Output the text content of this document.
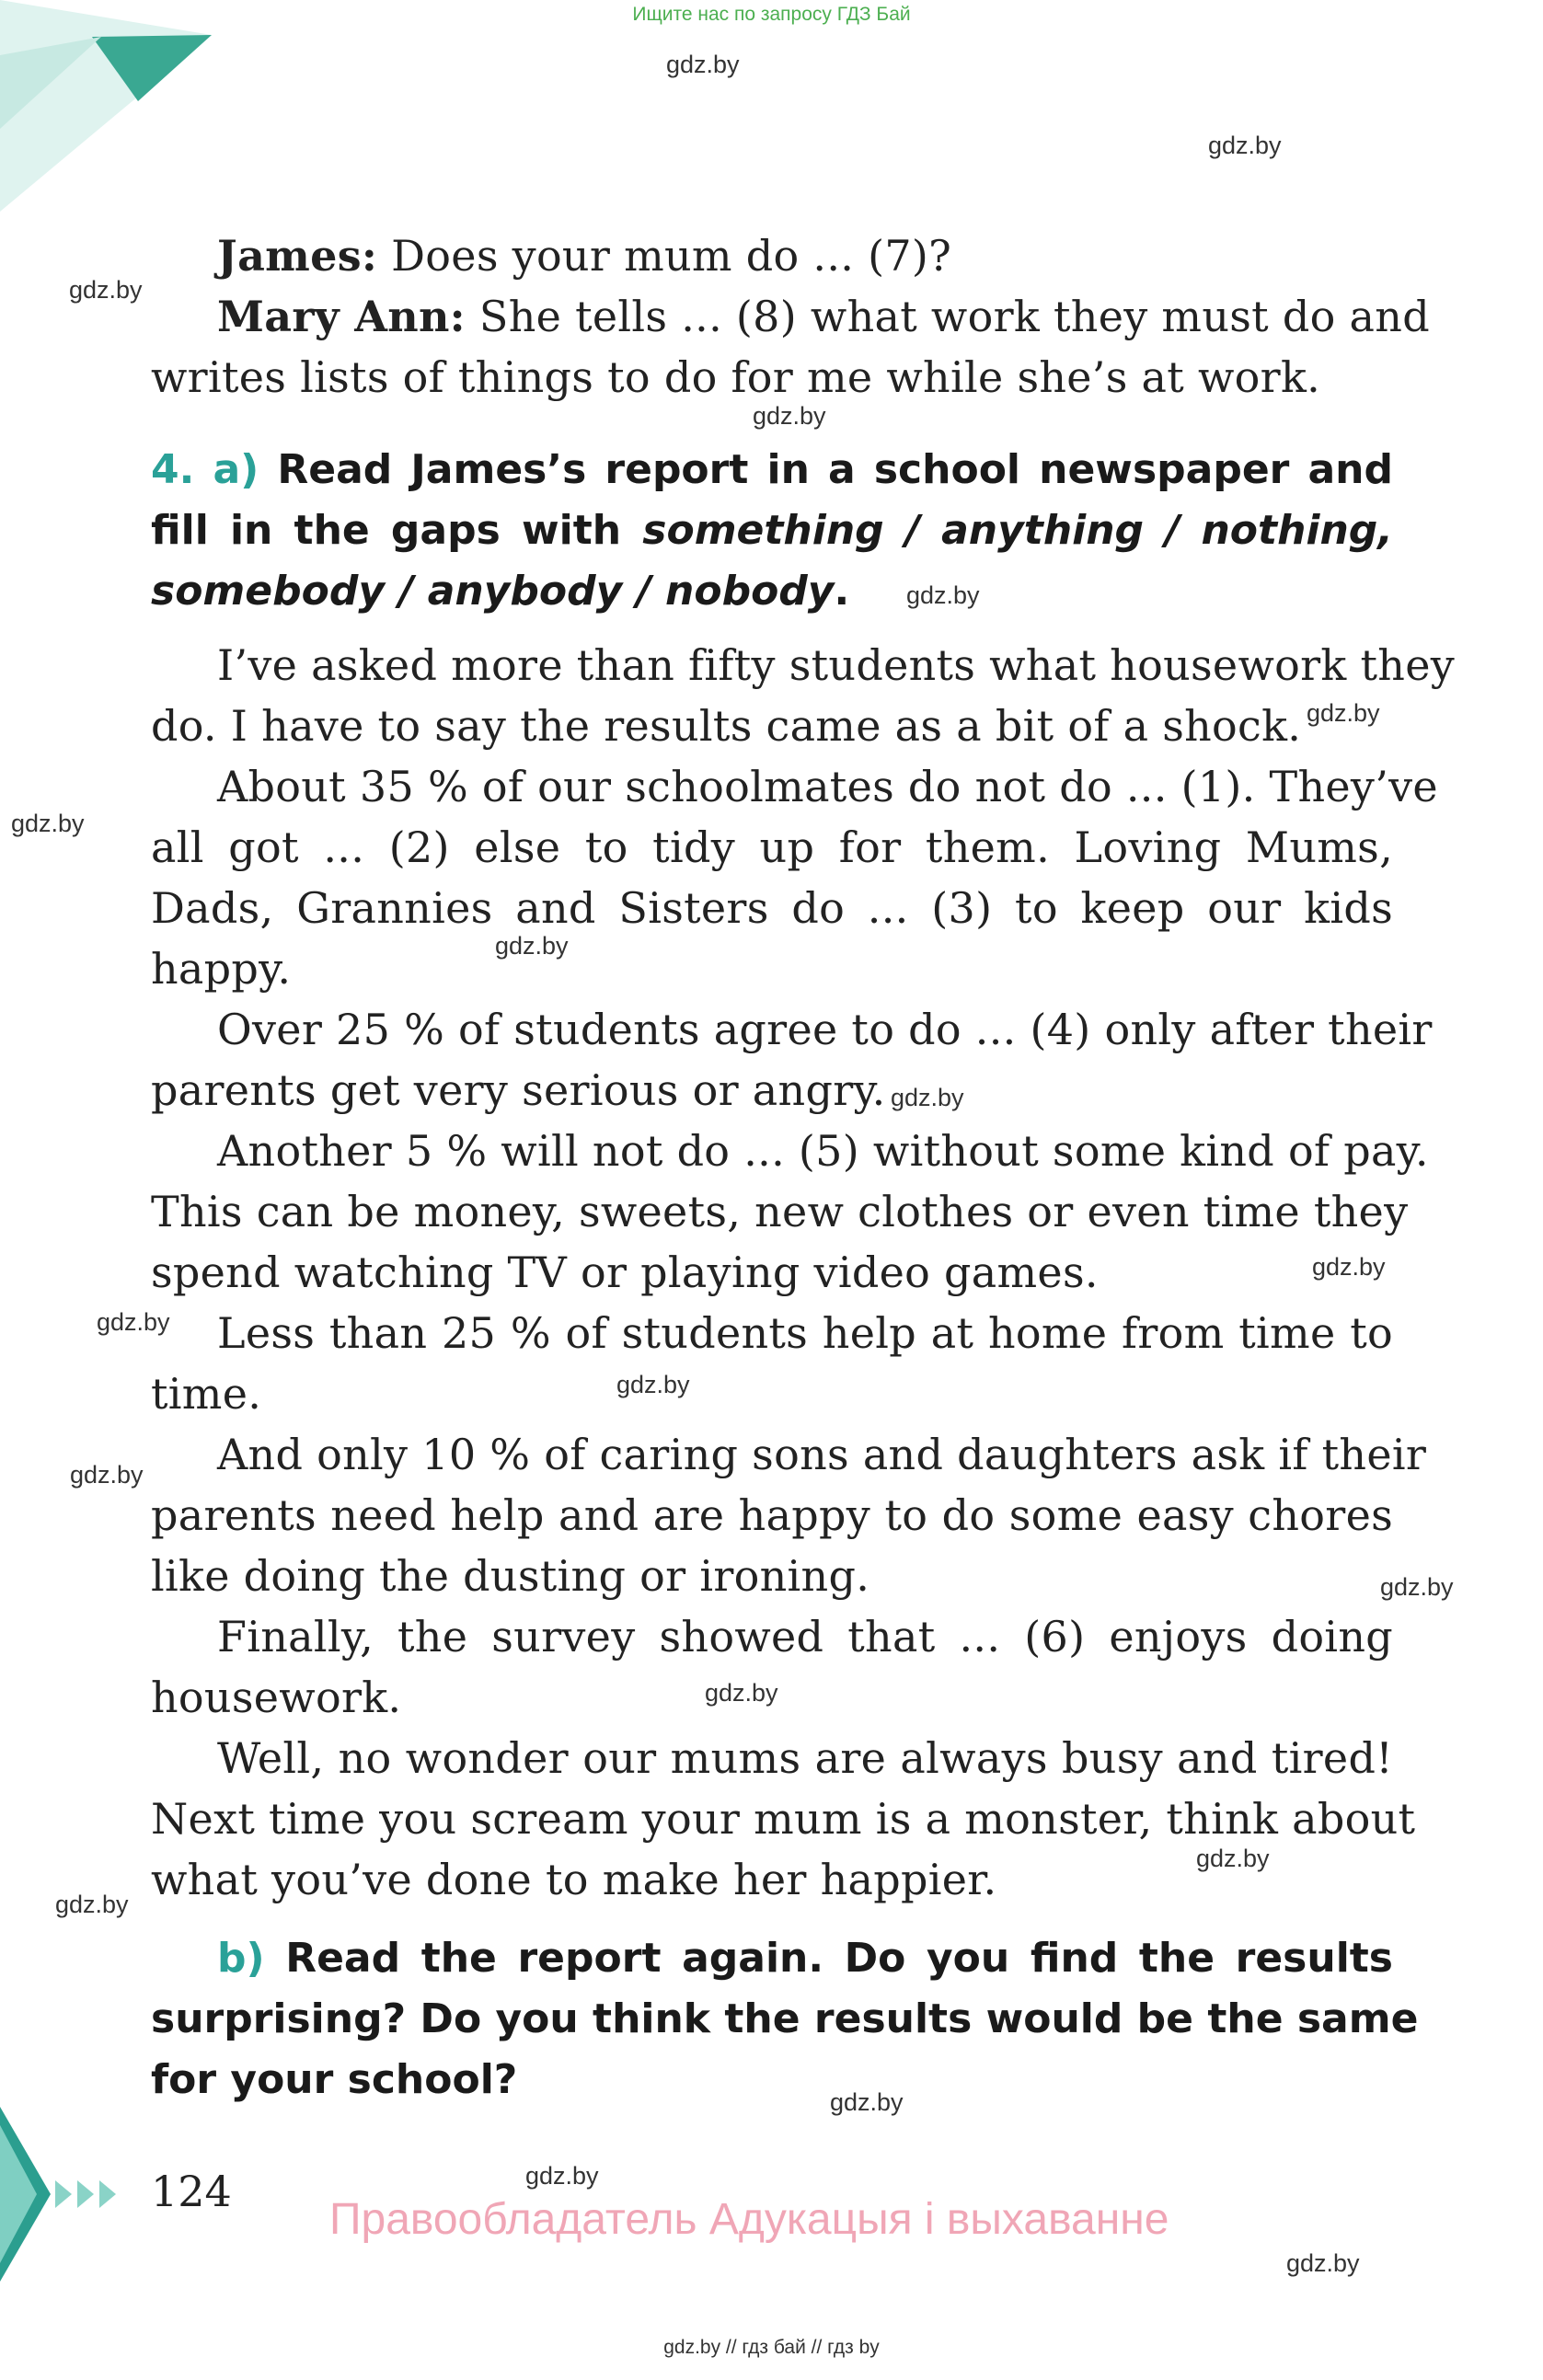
Ищите нас по запросу ГДЗ Бай
gdz.by
gdz.by
gdz.by
gdz.by
gdz.by
gdz.by
gdz.by
gdz.by
gdz.by
gdz.by
gdz.by
gdz.by
gdz.by
gdz.by
gdz.by
gdz.by
gdz.by
gdz.by
gdz.by
gdz.by
James: Does your mum do ... (7)?
Mary Ann: She tells ... (8) what work they must do and
writes lists of things to do for me while she’s at work.
4. a) Read James’s report in a school newspaper and
fill in the gaps with something / anything / nothing,
somebody / anybody / nobody.
I’ve asked more than fifty students what housework they
do. I have to say the results came as a bit of a shock.
About 35 % of our schoolmates do not do ... (1). They’ve
all got ... (2) else to tidy up for them. Loving Mums,
Dads, Grannies and Sisters do ... (3) to keep our kids
happy.
Over 25 % of students agree to do ... (4) only after their
parents get very serious or angry.
Another 5 % will not do ... (5) without some kind of pay.
This can be money, sweets, new clothes or even time they
spend watching TV or playing video games.
Less than 25 % of students help at home from time to
time.
And only 10 % of caring sons and daughters ask if their
parents need help and are happy to do some easy chores
like doing the dusting or ironing.
Finally, the survey showed that ... (6) enjoys doing
housework.
Well, no wonder our mums are always busy and tired!
Next time you scream your mum is a monster, think about
what you’ve done to make her happier.
b) Read the report again. Do you find the results
surprising? Do you think the results would be the same
for your school?
124
Правообладатель Адукацыя і выхаванне
gdz.by // гдз бай // гдз by
